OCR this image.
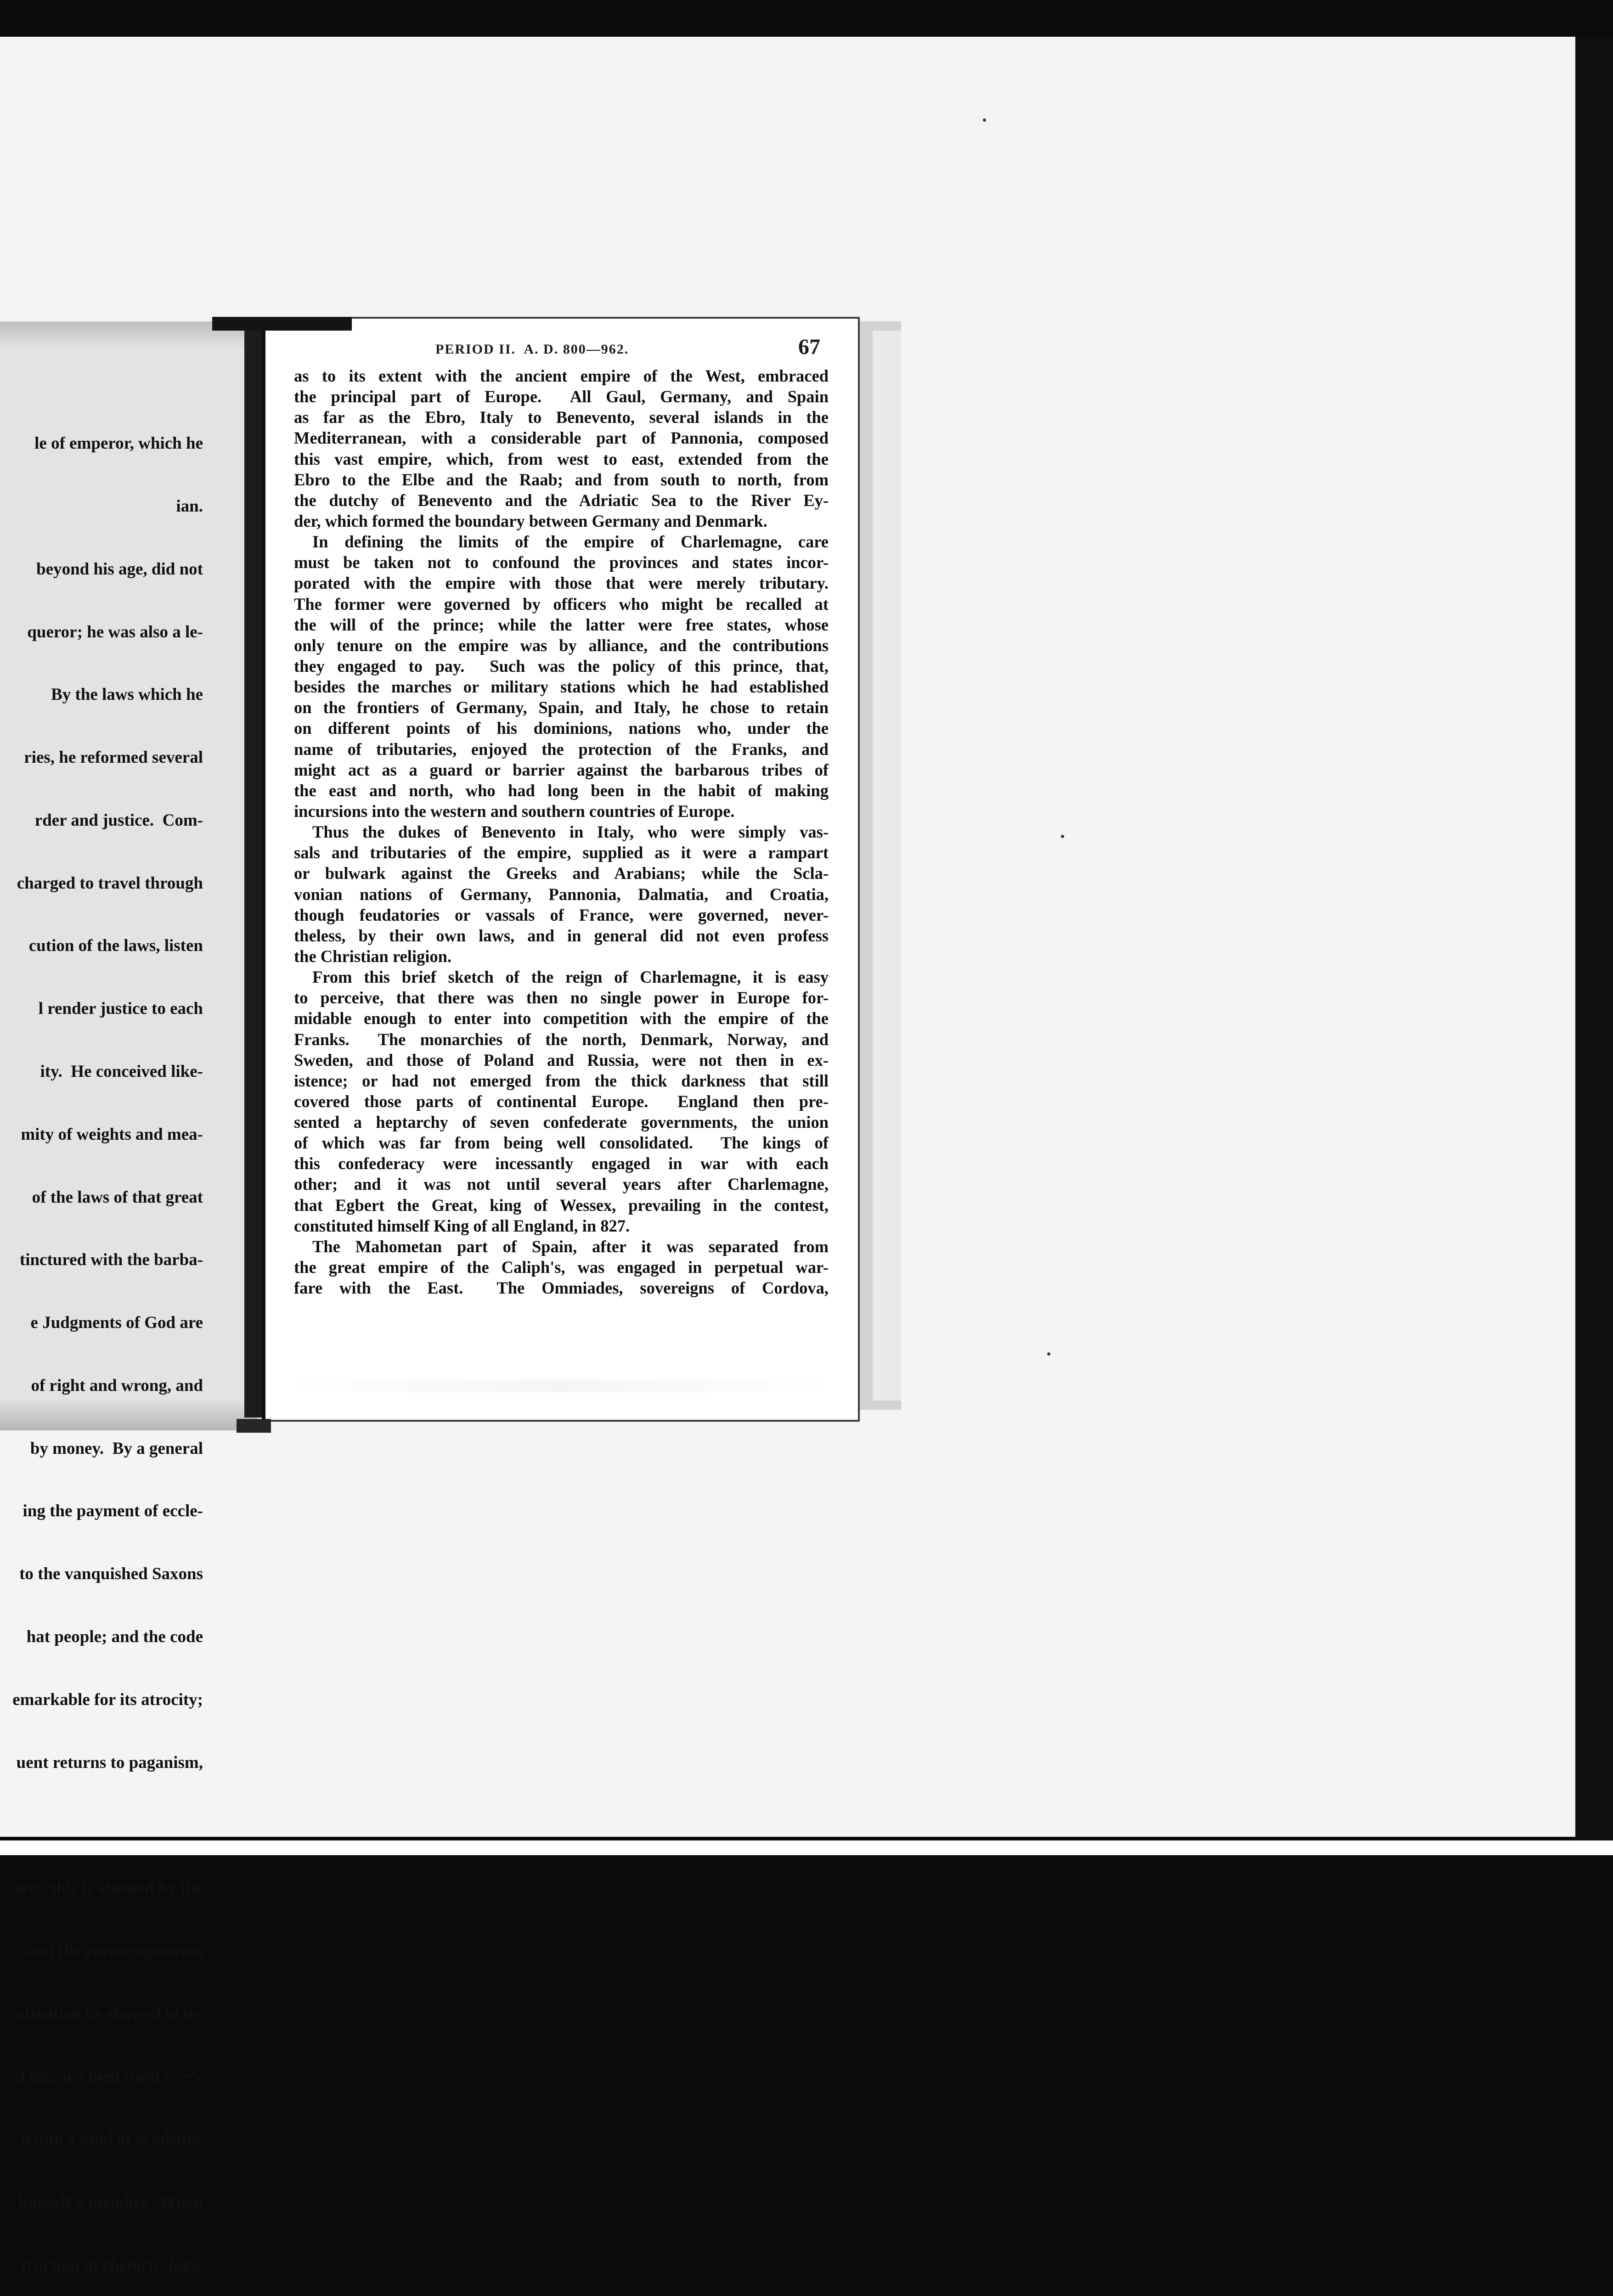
le of emperor, which he

ian.

beyond his age, did not

queror; he was also a le-

By the laws which he

ries, he reformed several

rder and justice.  Com-

charged to travel through

cution of the laws, listen

l render justice to each

ity.  He conceived like-

mity of weights and mea-

of the laws of that great

tinctured with the barba-

e Judgments of God are

of right and wrong, and

by money.  By a general

ing the payment of eccle-

to the vanquished Saxons

hat people; and the code

emarkable for its atrocity;

uent returns to paganism,

ters, this is attested by the

and the encouragements

attention he showed in in-

d learned men from every

n into a kind of academy,

himself a member.  When

truction in rhetoric, logic

PERIOD II.  A. D. 800—962.	67
as to its extent with the ancient empire of the West, embraced
the principal part of Europe.  All Gaul, Germany, and Spain
as far as the Ebro, Italy to Benevento, several islands in the
Mediterranean, with a considerable part of Pannonia, composed
this vast empire, which, from west to east, extended from the
Ebro to the Elbe and the Raab; and from south to north, from
the dutchy of Benevento and the Adriatic Sea to the River Ey-
der, which formed the boundary between Germany and Denmark.
In defining the limits of the empire of Charlemagne, care
must be taken not to confound the provinces and states incor-
porated with the empire with those that were merely tributary.
The former were governed by officers who might be recalled at
the will of the prince; while the latter were free states, whose
only tenure on the empire was by alliance, and the contributions
they engaged to pay.  Such was the policy of this prince, that,
besides the marches or military stations which he had established
on the frontiers of Germany, Spain, and Italy, he chose to retain
on different points of his dominions, nations who, under the
name of tributaries, enjoyed the protection of the Franks, and
might act as a guard or barrier against the barbarous tribes of
the east and north, who had long been in the habit of making
incursions into the western and southern countries of Europe.
Thus the dukes of Benevento in Italy, who were simply vas-
sals and tributaries of the empire, supplied as it were a rampart
or bulwark against the Greeks and Arabians; while the Scla-
vonian nations of Germany, Pannonia, Dalmatia, and Croatia,
though feudatories or vassals of France, were governed, never-
theless, by their own laws, and in general did not even profess
the Christian religion.
From this brief sketch of the reign of Charlemagne, it is easy
to perceive, that there was then no single power in Europe for-
midable enough to enter into competition with the empire of the
Franks.  The monarchies of the north, Denmark, Norway, and
Sweden, and those of Poland and Russia, were not then in ex-
istence; or had not emerged from the thick darkness that still
covered those parts of continental Europe.  England then pre-
sented a heptarchy of seven confederate governments, the union
of which was far from being well consolidated.  The kings of
this confederacy were incessantly engaged in war with each
other; and it was not until several years after Charlemagne,
that Egbert the Great, king of Wessex, prevailing in the contest,
constituted himself King of all England, in 827.
The Mahometan part of Spain, after it was separated from
the great empire of the Caliph's, was engaged in perpetual war-
fare with the East.  The Ommiades, sovereigns of Cordova,
